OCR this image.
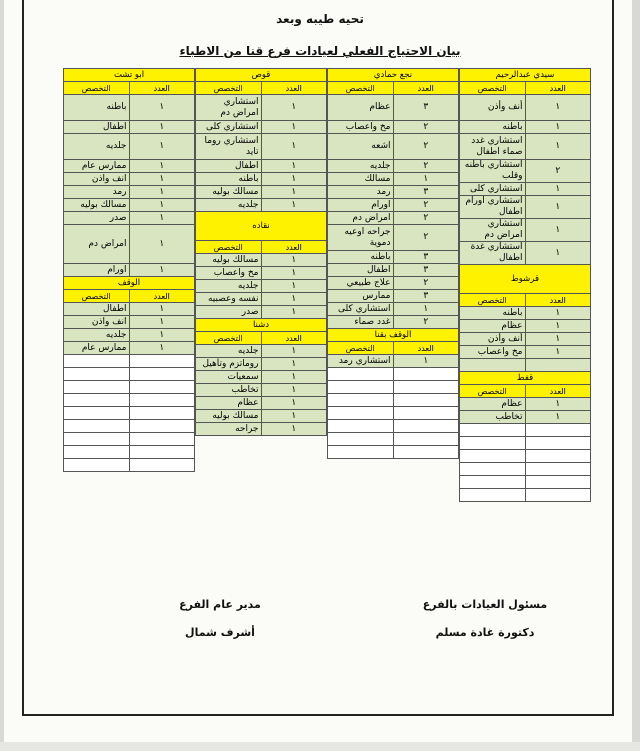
تحيه طيبه وبعد
بيان الاحتياج الفعلي لعيادات فرع قنا من الاطباء
سيدي عبدالرحيم	
العدد	التخصص
١	أنف وأذن
١	باطنه
١	استشاري غدد صماء اطفال
٢	استشاري باطنه وقلب
١	استشاري كلى
١	استشاري اورام اطفال
١	استشاري امراض دم
١	استشاري غدة اطفال
قرشوط	
العدد	التخصص
١	باطنه
١	عظام
١	أنف وأذن
١	مخ واعصاب

قفط	
العدد	التخصص
١	عظام
١	تخاطب

نجع حمادي	
العدد	التخصص
٣	عظام
٢	مخ واعصاب
٢	اشعه
٢	جلديه
١	مسالك
٣	رمد
٢	اورام
٢	امراض دم
٢	جراحه اوعيه دموية
٣	باطنه
٣	اطفال
٢	علاج طبيعي
٣	ممارس
١	استشاري كلى
٢	غدد صماء
الوقف بقنا	
العدد	التخصص
١	استشاري رمد

قوص	
العدد	التخصص
١	استشاري امراض دم
١	استشاري كلى
١	استشاري روما تايد
١	اطفال
١	باطنه
١	مسالك بوليه
١	جلديه
نقاده	
العدد	التخصص
١	مسالك بوليه
١	مخ واعصاب
١	جلديه
١	نفسه وعصبيه
١	صدر
دشنا	
العدد	التخصص
١	جلديه
١	روماتزم وتأهيل
١	سمعيات
١	تخاطب
١	عظام
١	مسالك بوليه
١	جراحه
ابو تشت	
العدد	التخصص
١	باطنه
١	اطفال
١	جلديه
١	ممارس عام
١	انف واذن
١	رمد
١	مسالك بوليه
١	صدر
١	امراض دم
١	اورام
الوقف	
العدد	التخصص
١	اطفال
١	انف واذن
١	جلديه
١	ممارس عام

مسئول العيادات بالفرع
دكتورة غادة مسلم
مدير عام الفرع
أشرف شمال
